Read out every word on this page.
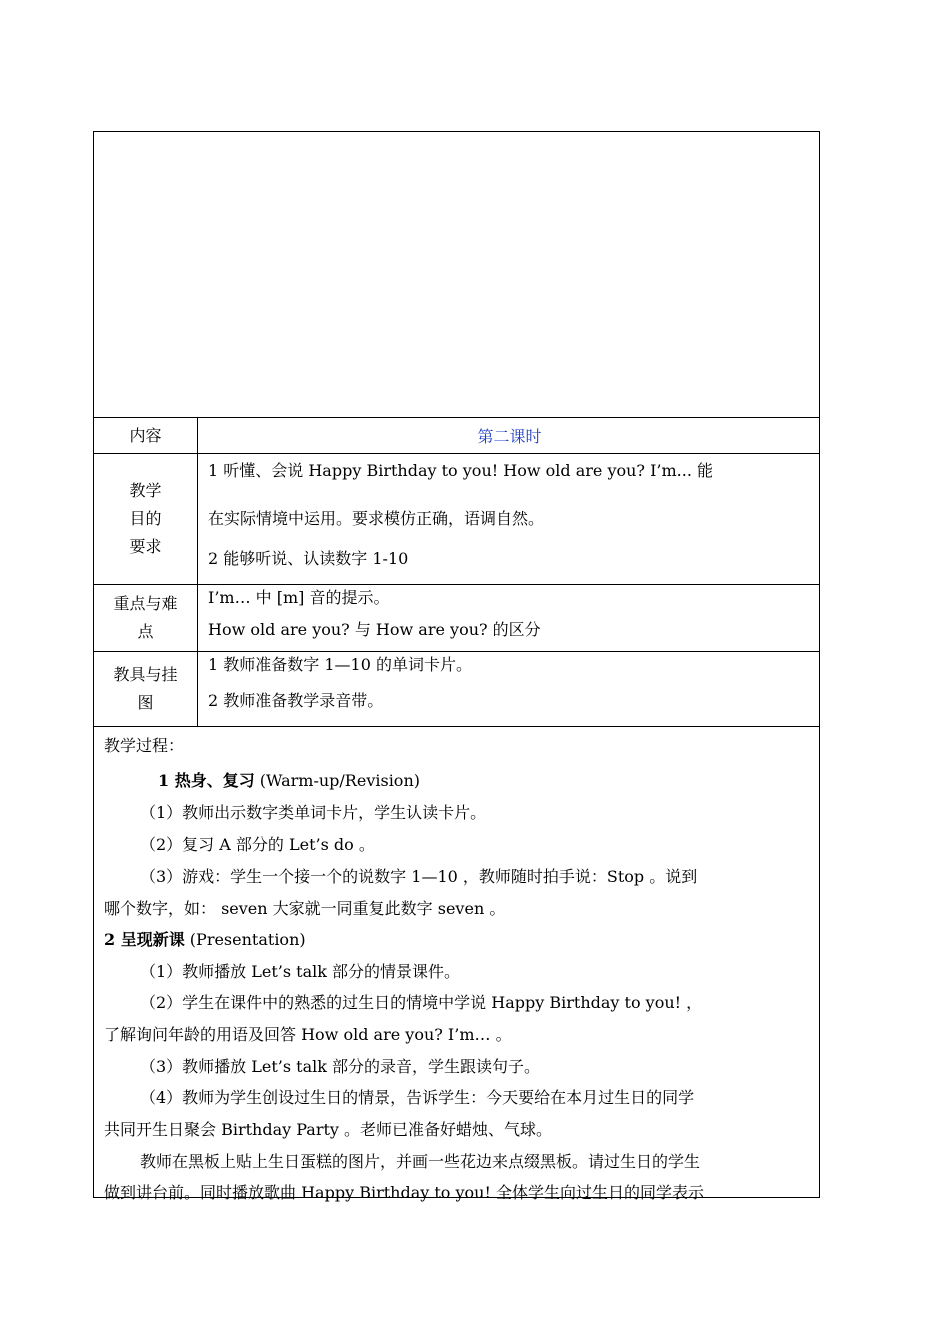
内容	第二课时
教学
目的
要求
1 听懂、会说 Happy Birthday to you! How old are you? I’m... 能
在实际情境中运用。要求模仿正确，语调自然。
2 能够听说、认读数字 1-10
重点与难
点
I’m… 中 [m] 音的提示。
How old are you? 与 How are you? 的区分
教具与挂
图
1 教师准备数字 1—10 的单词卡片。
2 教师准备教学录音带。
教学过程：
1 热身、复习 (Warm-up/Revision)
（1）教师出示数字类单词卡片，学生认读卡片。
（2）复习 A 部分的 Let’s do 。
（3）游戏：学生一个接一个的说数字 1—10 ，教师随时拍手说：Stop 。说到
哪个数字，如： seven 大家就一同重复此数字 seven 。
2 呈现新课 (Presentation)
（1）教师播放 Let’s talk 部分的情景课件。
（2）学生在课件中的熟悉的过生日的情境中学说 Happy Birthday to you! ，
了解询问年龄的用语及回答 How old are you? I’m… 。
（3）教师播放 Let’s talk 部分的录音，学生跟读句子。
（4）教师为学生创设过生日的情景，告诉学生：今天要给在本月过生日的同学
共同开生日聚会 Birthday Party 。老师已准备好蜡烛、气球。
教师在黑板上贴上生日蛋糕的图片，并画一些花边来点缀黑板。请过生日的学生
做到讲台前。同时播放歌曲 Happy Birthday to you! 全体学生向过生日的同学表示
